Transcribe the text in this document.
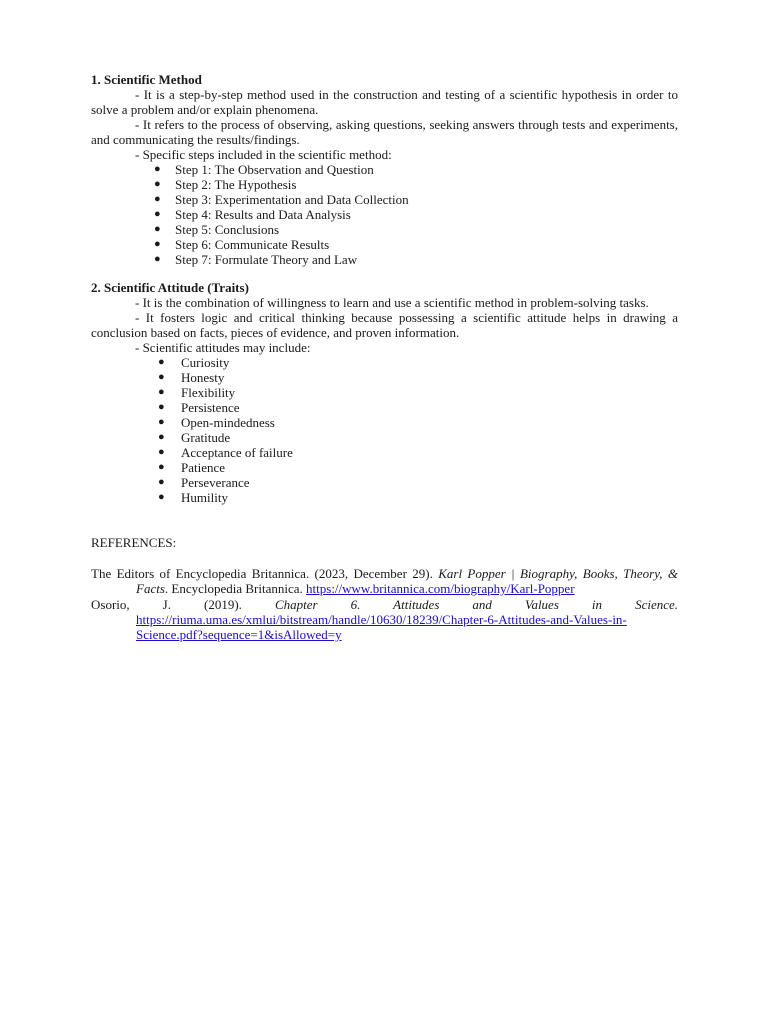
1. Scientific Method

- It is a step-by-step method used in the construction and testing of a scientific hypothesis in order to solve a problem and/or explain phenomena.

- It refers to the process of observing, asking questions, seeking answers through tests and experiments, and communicating the results/findings.

- Specific steps included in the scientific method:

● Step 1: The Observation and Question
● Step 2: The Hypothesis
● Step 3: Experimentation and Data Collection
● Step 4: Results and Data Analysis
● Step 5: Conclusions
● Step 6: Communicate Results
● Step 7: Formulate Theory and Law

2. Scientific Attitude (Traits)

- It is the combination of willingness to learn and use a scientific method in problem-solving tasks.

- It fosters logic and critical thinking because possessing a scientific attitude helps in drawing a conclusion based on facts, pieces of evidence, and proven information.

- Scientific attitudes may include:

● Curiosity
● Honesty
● Flexibility
● Persistence
● Open-mindedness
● Gratitude
● Acceptance of failure
● Patience
● Perseverance
● Humility

REFERENCES:

The Editors of Encyclopedia Britannica. (2023, December 29). Karl Popper | Biography, Books, Theory, & Facts. Encyclopedia Britannica. https://www.britannica.com/biography/Karl-Popper

Osorio, J. (2019). Chapter 6. Attitudes and Values in Science. https://riuma.uma.es/xmlui/bitstream/handle/10630/18239/Chapter-6-Attitudes-and-Values-in-Science.pdf?sequence=1&isAllowed=y
